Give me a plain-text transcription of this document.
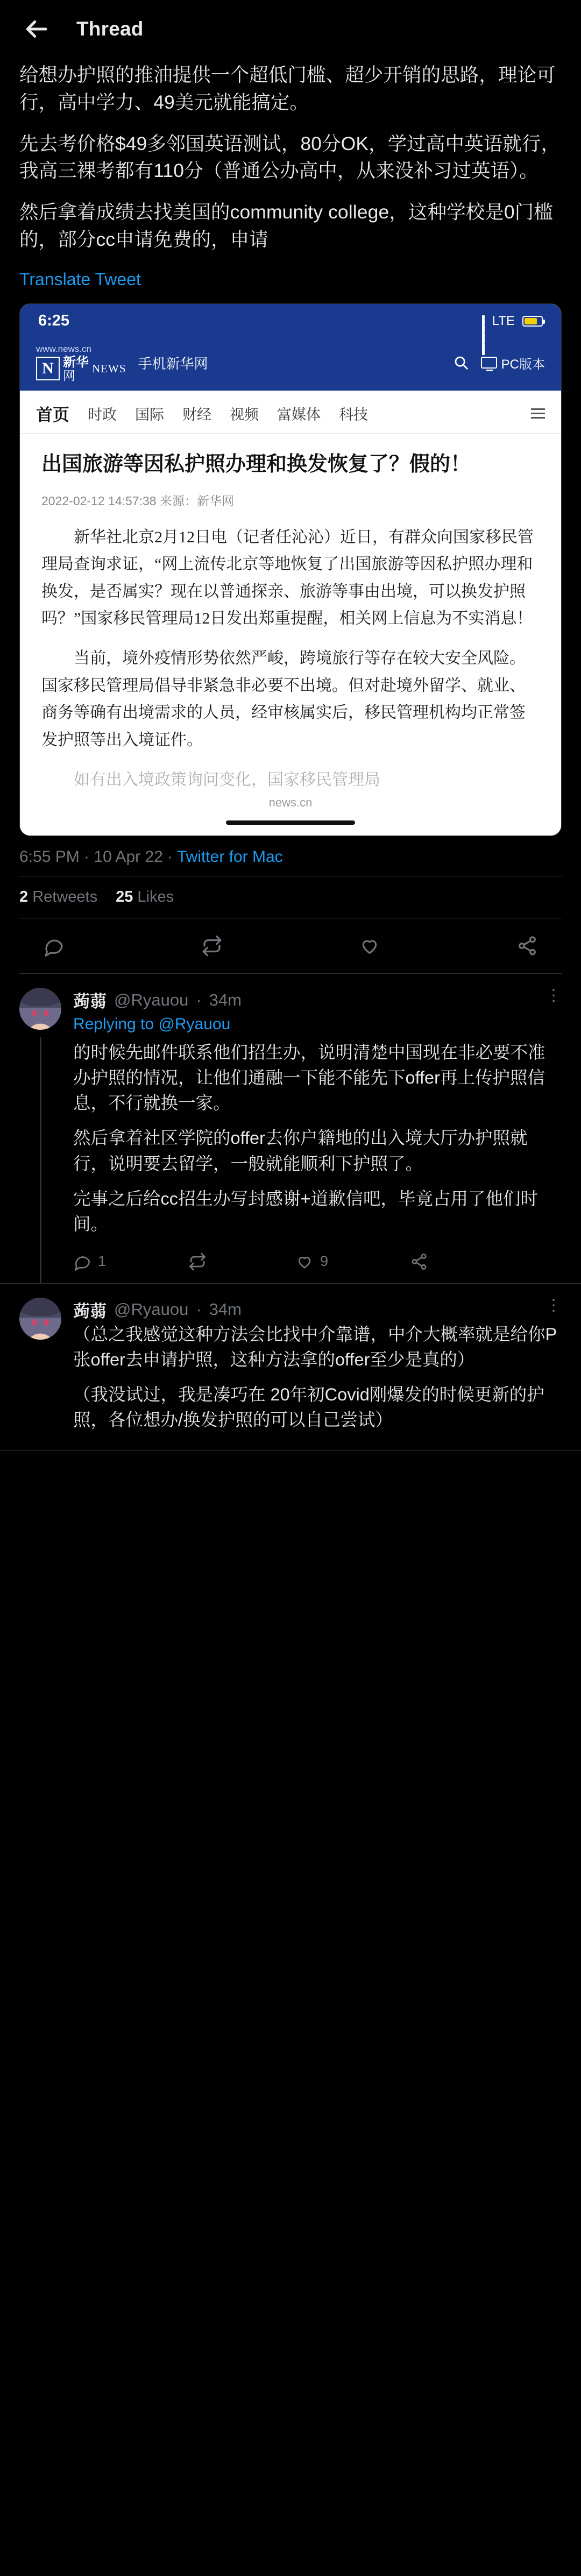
Thread
给想办护照的推油提供一个超低门槛、超少开销的思路，理论可行，高中学力、49美元就能搞定。
先去考价格$49多邻国英语测试，80分OK，学过高中英语就行，我高三裸考都有110分（普通公办高中，从来没补习过英语）。
然后拿着成绩去找美国的community college，这种学校是0门槛的，部分cc申请免费的，申请
Translate Tweet
6:25	LTE
www.news.cn
N 新华
网
NEWS 手机新华网	PC版本
首页 时政 国际 财经 视频 富媒体 科技
出国旅游等因私护照办理和换发恢复了？假的！
2022-02-12 14:57:38 来源：新华网

新华社北京2月12日电（记者任沁沁）近日，有群众向国家移民管理局查询求证，“网上流传北京等地恢复了出国旅游等因私护照办理和换发，是否属实？现在以普通探亲、旅游等事由出境，可以换发护照吗？”国家移民管理局12日发出郑重提醒，相关网上信息为不实消息！

当前，境外疫情形势依然严峻，跨境旅行等存在较大安全风险。国家移民管理局倡导非紧急非必要不出境。但对赴境外留学、就业、商务等确有出境需求的人员，经审核属实后，移民管理机构均正常签发护照等出入境证件。

如有出入境政策询问变化，国家移民管理局

news.cn
6:55 PM · 10 Apr 22 · Twitter for Mac
2 Retweets 25 Likes
⋮
蒟蒻 @Ryauou · 34m
Replying to @Ryauou
的时候先邮件联系他们招生办，说明清楚中国现在非必要不准办护照的情况，让他们通融一下能不能先下offer再上传护照信息，不行就换一家。
然后拿着社区学院的offer去你户籍地的出入境大厅办护照就行，说明要去留学，一般就能顺利下护照了。
完事之后给cc招生办写封感谢+道歉信吧，毕竟占用了他们时间。
1	9
⋮
蒟蒻 @Ryauou · 34m
（总之我感觉这种方法会比找中介靠谱，中介大概率就是给你P张offer去申请护照，这种方法拿的offer至少是真的）
（我没试过，我是凑巧在 20年初Covid刚爆发的时候更新的护照，各位想办/换发护照的可以自己尝试）
